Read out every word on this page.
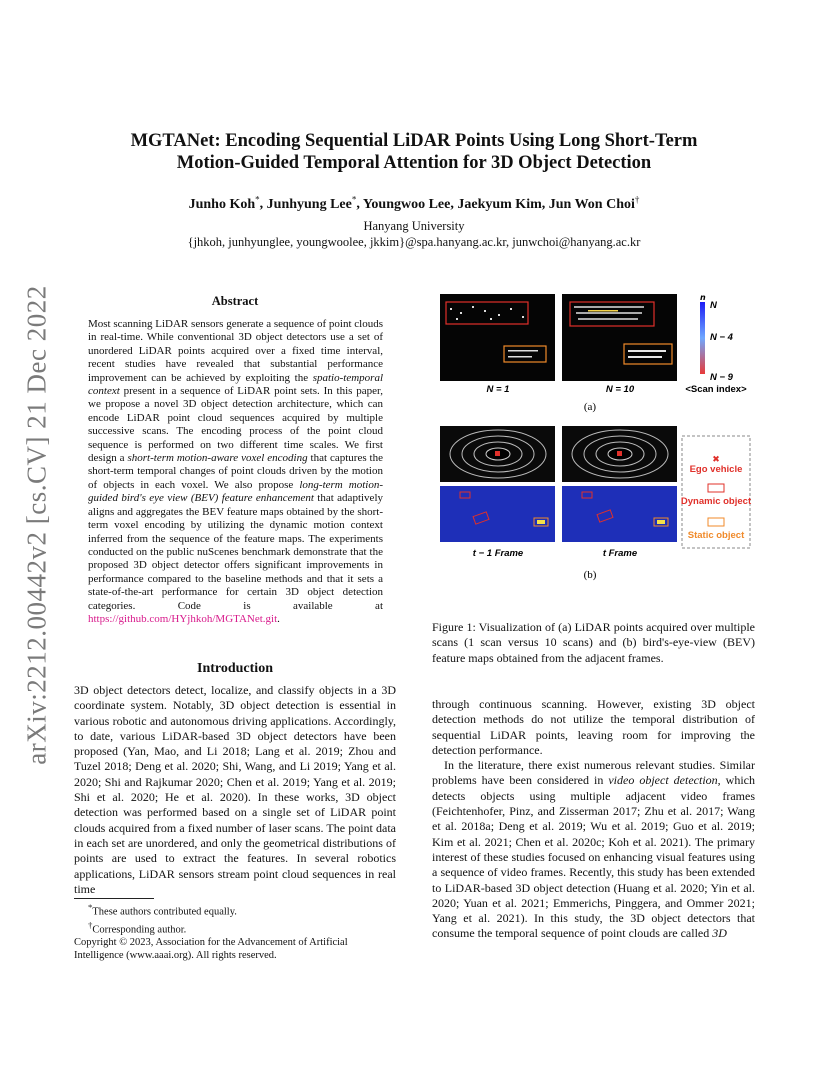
arXiv:2212.00442v2 [cs.CV] 21 Dec 2022
MGTANet: Encoding Sequential LiDAR Points Using Long Short-Term
Motion-Guided Temporal Attention for 3D Object Detection
Junho Koh*, Junhyung Lee*, Youngwoo Lee, Jaekyum Kim, Jun Won Choi†
Hanyang University
{jhkoh, junhyunglee, youngwoolee, jkkim}@spa.hanyang.ac.kr, junwchoi@hanyang.ac.kr
Abstract
Most scanning LiDAR sensors generate a sequence of point clouds in real-time. While conventional 3D object detectors use a set of unordered LiDAR points acquired over a fixed time interval, recent studies have revealed that substantial performance improvement can be achieved by exploiting the spatio-temporal context present in a sequence of LiDAR point sets. In this paper, we propose a novel 3D object detection architecture, which can encode LiDAR point cloud sequences acquired by multiple successive scans. The encoding process of the point cloud sequence is performed on two different time scales. We first design a short-term motion-aware voxel encoding that captures the short-term temporal changes of point clouds driven by the motion of objects in each voxel. We also propose long-term motion-guided bird's eye view (BEV) feature enhancement that adaptively aligns and aggregates the BEV feature maps obtained by the short-term voxel encoding by utilizing the dynamic motion context inferred from the sequence of the feature maps. The experiments conducted on the public nuScenes benchmark demonstrate that the proposed 3D object detector offers significant improvements in performance compared to the baseline methods and that it sets a state-of-the-art performance for certain 3D object detection categories. Code is available at https://github.com/HYjhkoh/MGTANet.git.
Introduction
3D object detectors detect, localize, and classify objects in a 3D coordinate system. Notably, 3D object detection is essential in various robotic and autonomous driving applications. Accordingly, to date, various LiDAR-based 3D object detectors have been proposed (Yan, Mao, and Li 2018; Lang et al. 2019; Zhou and Tuzel 2018; Deng et al. 2020; Shi, Wang, and Li 2019; Yang et al. 2020; Shi and Rajkumar 2020; Chen et al. 2019; Yang et al. 2019; Shi et al. 2020; He et al. 2020). In these works, 3D object detection was performed based on a single set of LiDAR point clouds acquired from a fixed number of laser scans. The point data in each set are unordered, and only the geometrical distributions of points are used to extract the features. In several robotics applications, LiDAR sensors stream point cloud sequences in real time
*These authors contributed equally.
†Corresponding author.
Copyright © 2023, Association for the Advancement of Artificial Intelligence (www.aaai.org). All rights reserved.
n
N
N − 4
N − 9
N = 1	N = 10	<Scan index>
(a)
✖
Ego vehicle
Dynamic object
Static object
t − 1 Frame	t Frame
(b)
Figure 1: Visualization of (a) LiDAR points acquired over multiple scans (1 scan versus 10 scans) and (b) bird's-eye-view (BEV) feature maps obtained from the adjacent frames.

through continuous scanning. However, existing 3D object detection methods do not utilize the temporal distribution of sequential LiDAR points, leaving room for improving the detection performance.

In the literature, there exist numerous relevant studies. Similar problems have been considered in video object detection, which detects objects using multiple adjacent video frames (Feichtenhofer, Pinz, and Zisserman 2017; Zhu et al. 2017; Wang et al. 2018a; Deng et al. 2019; Wu et al. 2019; Guo et al. 2019; Kim et al. 2021; Chen et al. 2020c; Koh et al. 2021). The primary interest of these studies focused on enhancing visual features using a sequence of video frames. Recently, this study has been extended to LiDAR-based 3D object detection (Huang et al. 2020; Yin et al. 2020; Yuan et al. 2021; Emmerichs, Pinggera, and Ommer 2021; Yang et al. 2021). In this study, the 3D object detectors that consume the temporal sequence of point clouds are called 3D
